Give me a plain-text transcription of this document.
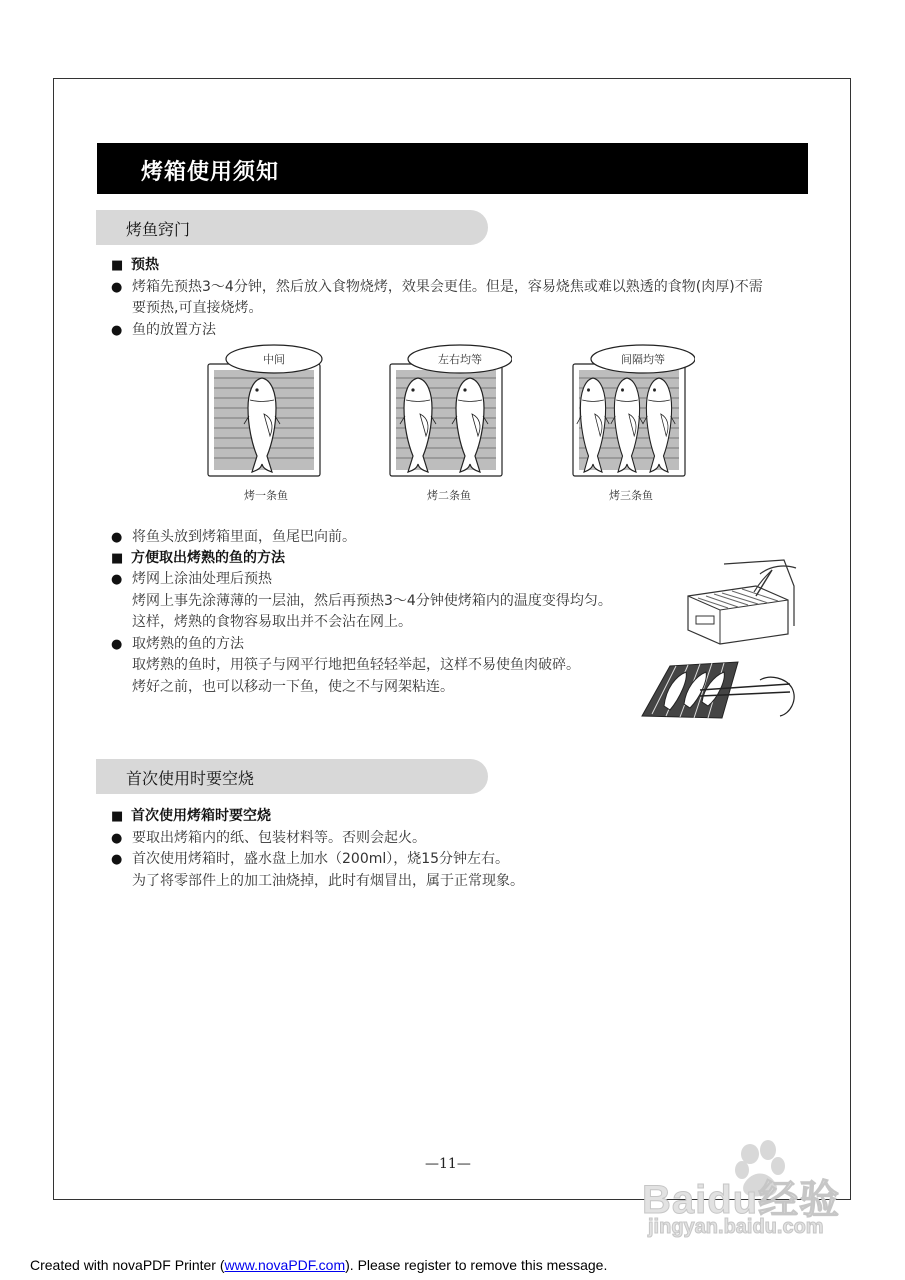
烤箱使用须知
烤鱼窍门
■ 预热
● 烤箱先预热3～4分钟，然后放入食物烧烤，效果会更佳。但是，容易烧焦或难以熟透的食物(肉厚)不需
要预热,可直接烧烤。
● 鱼的放置方法
中间
烤一条鱼
左右均等
烤二条鱼
间隔均等
烤三条鱼
● 将鱼头放到烤箱里面，鱼尾巴向前。
■ 方便取出烤熟的鱼的方法
● 烤网上涂油处理后预热
烤网上事先涂薄薄的一层油，然后再预热3～4分钟使烤箱内的温度变得均匀。
这样，烤熟的食物容易取出并不会沾在网上。
● 取烤熟的鱼的方法
取烤熟的鱼时，用筷子与网平行地把鱼轻轻举起，这样不易使鱼肉破碎。
烤好之前，也可以移动一下鱼，使之不与网架粘连。
首次使用时要空烧
■ 首次使用烤箱时要空烧
● 要取出烤箱内的纸、包装材料等。否则会起火。
● 首次使用烤箱时，盛水盘上加水（200ml），烧15分钟左右。
为了将零部件上的加工油烧掉，此时有烟冒出，属于正常现象。
—11—
Baidu经验
jingyan.baidu.com
Created with novaPDF Printer (www.novaPDF.com). Please register to remove this message.
